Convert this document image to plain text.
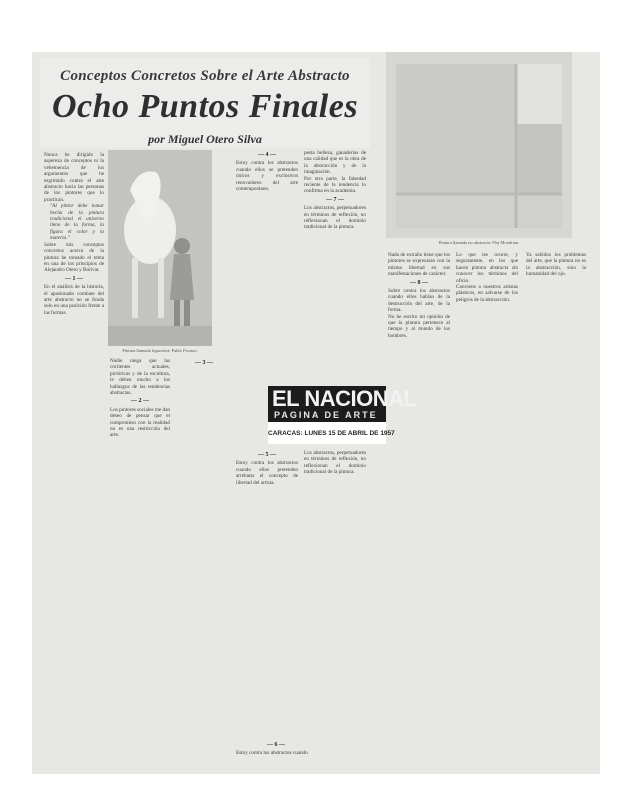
Conceptos Concretos Sobre el Arte Abstracto
Ocho Puntos Finales
por Miguel Otero Silva
Pintura llamada no abstracta: Flej Mondrian.
Pintura llamada figurativa: Pablo Picasso.

Nunca he dirigido la aspereza de conceptos ni la vehemencia de los argumentos que he esgrimido contra el arte abstracto hacia las personas de los pintores que lo practican.

"Al pintor debe tomar hecha de la pintura tradicional el universo lleno de la forma, la figura el color y la materia."

Sobre mis conceptos concretos acerca de la pintura he tomado el tema en una de los principios de Alejandro Otero y Bolívar.

— 1 —

En el análisis de la historia, el apasionado combate del arte abstracto no se funda solo en una posición frente a las formas.

Nadie niega que las corrientes actuales, pictóricas y de la escultura, le deben mucho a los hallazgos de las tendencias abstractas.

— 2 —

Los pintores sociales me dan deseo de pensar que el compromiso con la realidad no es una restricción del arte.

— 3 —

— 4 —

Estoy contra los abstractos cuando ellos se pretenden únicos y exclusivos renovadores del arte contemporáneo.

— 5 —

Estoy contra los abstractos cuando ellos pretenden arrebatar el concepto de libertad del artista.

— 6 —

Estoy contra los abstractos cuando

pesta belleza, ganaderías de una calidad que es la obra de la abstracción y de la imaginación.

Por otra parte, la falsedad reciente de la tendencia lo confirma en la academia.

— 7 —

Los abstractos, perpetuadores en términos de reflexión, no reflexionan el dominio tradicional de la pintura.

Los abstractos, perpetuadores en términos de reflexión, no reflexionan el dominio tradicional de la pintura.

Nada de extraño tiene que los pintores se expresaran con la misma libertad en sus manifestaciones de carácter.

— 8 —

Sobre contra los abstractos cuando ellos hablan de la destrucción del arte, de la forma.

No he escrito mi opinión de que la pintura pertenece al tiempo y al mundo de los hombres.

Lo que les ocurre, y seguramente, en los que hacen pintura abstracta sin conocer los términos del oficio.

Conviene a nuestros artistas plásticos, en salvarse de los peligros de la abstracción.

Ya sabidos los problemas del arte, que la pintura no es la abstracción, sino la humanidad del ojo.

EL NACIONAL
PAGINA DE ARTE
CARACAS: LUNES 15 DE ABRIL DE 1957
